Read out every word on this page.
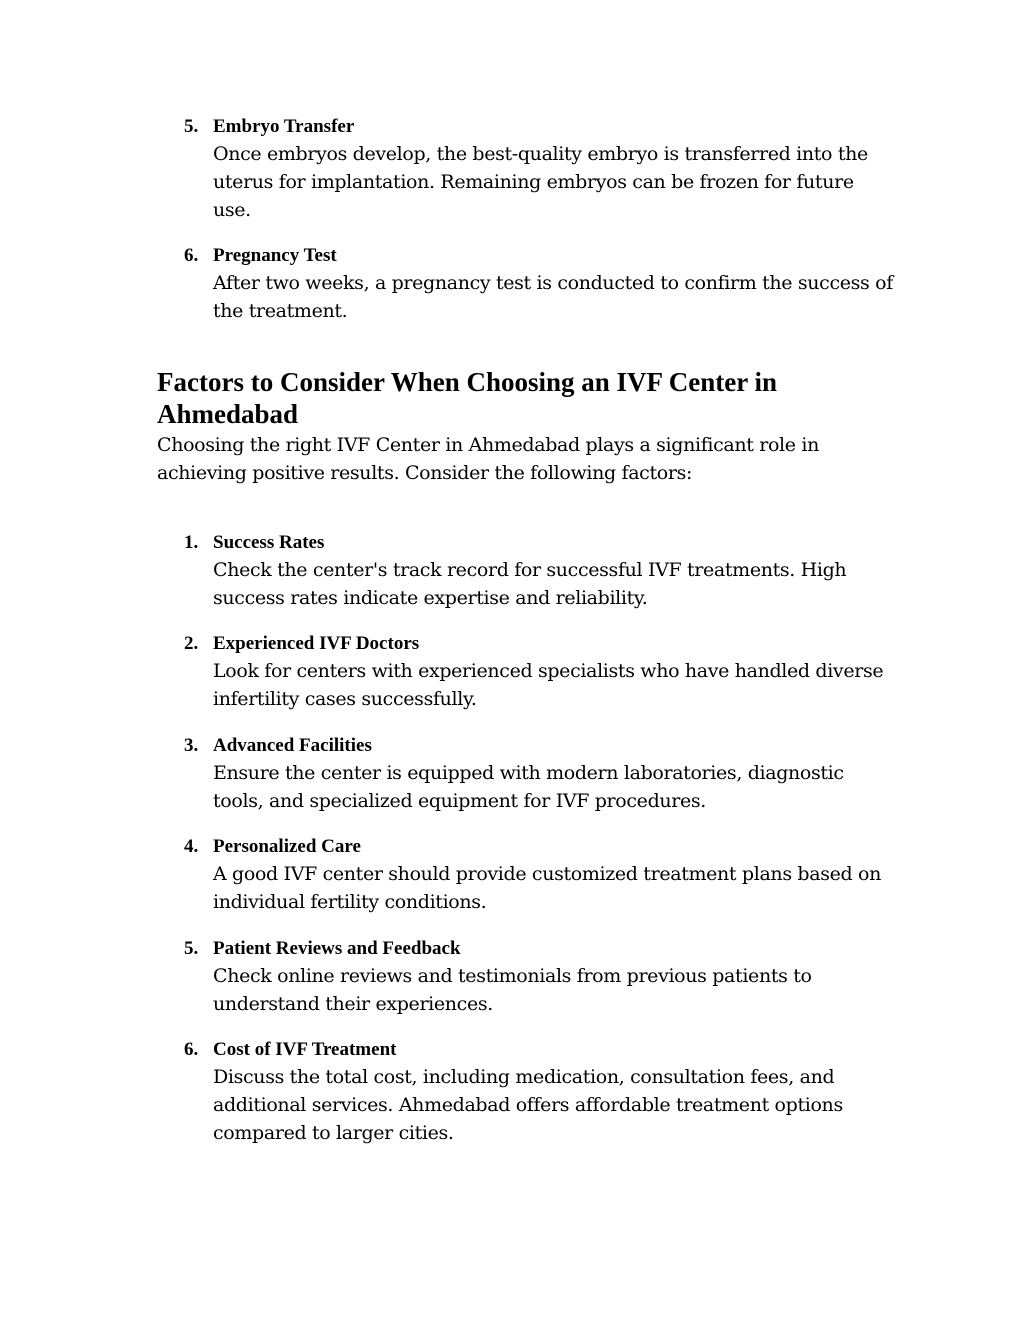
5. Embryo Transfer
Once embryos develop, the best-quality embryo is transferred into the uterus for implantation. Remaining embryos can be frozen for future use.
6. Pregnancy Test
After two weeks, a pregnancy test is conducted to confirm the success of the treatment.
Factors to Consider When Choosing an IVF Center in Ahmedabad

Choosing the right IVF Center in Ahmedabad plays a significant role in achieving positive results. Consider the following factors:

1. Success Rates
Check the center's track record for successful IVF treatments. High success rates indicate expertise and reliability.
2. Experienced IVF Doctors
Look for centers with experienced specialists who have handled diverse infertility cases successfully.
3. Advanced Facilities
Ensure the center is equipped with modern laboratories, diagnostic tools, and specialized equipment for IVF procedures.
4. Personalized Care
A good IVF center should provide customized treatment plans based on individual fertility conditions.
5. Patient Reviews and Feedback
Check online reviews and testimonials from previous patients to understand their experiences.
6. Cost of IVF Treatment
Discuss the total cost, including medication, consultation fees, and additional services. Ahmedabad offers affordable treatment options compared to larger cities.
